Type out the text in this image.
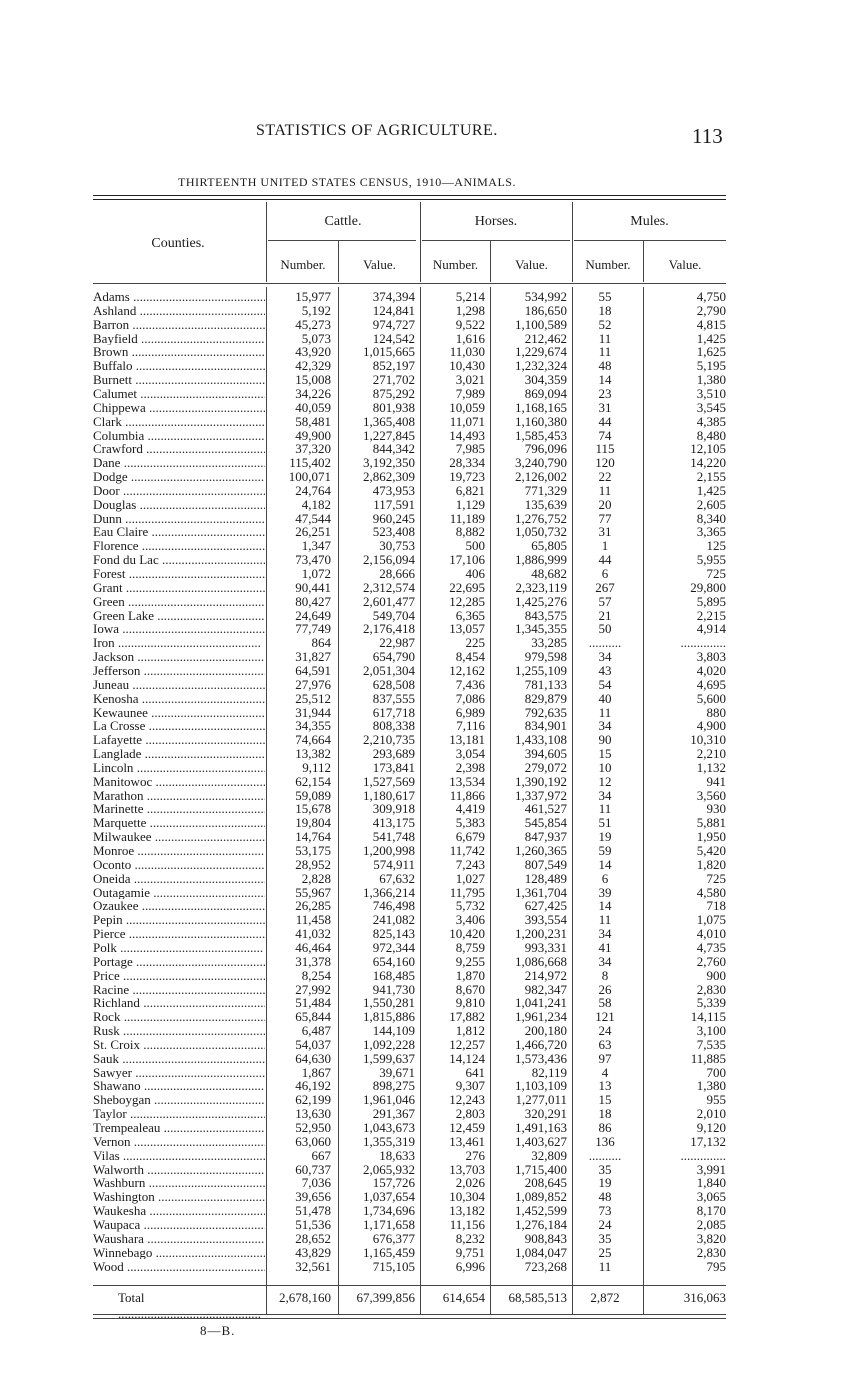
STATISTICS OF AGRICULTURE.	113
THIRTEENTH UNITED STATES CENSUS, 1910—ANIMALS.
Counties.
Cattle.	Horses.	Mules.
Number.	Value.	Number.	Value.	Number.	Value.
Adams .....	15,977	374,394	5,214	534,992	55	4,750
Ashland .....	5,192	124,841	1,298	186,650	18	2,790
Barron .....	45,273	974,727	9,522	1,100,589	52	4,815
Bayfield .....	5,073	124,542	1,616	212,462	11	1,425
Brown .....	43,920	1,015,665	11,030	1,229,674	11	1,625
Buffalo .....	42,329	852,197	10,430	1,232,324	48	5,195
Burnett .....	15,008	271,702	3,021	304,359	14	1,380
Calumet .....	34,226	875,292	7,989	869,094	23	3,510
Chippewa .....	40,059	801,938	10,059	1,168,165	31	3,545
Clark .....	58,481	1,365,408	11,071	1,160,380	44	4,385
Columbia .....	49,900	1,227,845	14,493	1,585,453	74	8,480
Crawford .....	37,320	844,342	7,985	796,096	115	12,105
Dane .....	115,402	3,192,350	28,334	3,240,790	120	14,220
Dodge .....	100,071	2,862,309	19,723	2,126,002	22	2,155
Door .....	24,764	473,953	6,821	771,329	11	1,425
Douglas .....	4,182	117,591	1,129	135,639	20	2,605
Dunn .....	47,544	960,245	11,189	1,276,752	77	8,340
Eau Claire .....	26,251	523,408	8,882	1,050,732	31	3,365
Florence .....	1,347	30,753	500	65,805	1	125
Fond du Lac .....	73,470	2,156,094	17,106	1,886,999	44	5,955
Forest .....	1,072	28,666	406	48,682	6	725
Grant .....	90,441	2,312,574	22,695	2,323,119	267	29,800
Green .....	80,427	2,601,477	12,285	1,425,276	57	5,895
Green Lake .....	24,649	549,704	6,365	843,575	21	2,215
Iowa .....	77,749	2,176,418	13,057	1,345,355	50	4,914
Iron .....	864	22,987	225	33,285	..........	..............
Jackson .....	31,827	654,790	8,454	979,598	34	3,803
Jefferson .....	64,591	2,051,304	12,162	1,255,109	43	4,020
Juneau .....	27,976	628,508	7,436	781,133	54	4,695
Kenosha .....	25,512	837,555	7,086	829,879	40	5,600
Kewaunee .....	31,944	617,718	6,989	792,635	11	880
La Crosse .....	34,355	808,338	7,116	834,901	34	4,900
Lafayette .....	74,664	2,210,735	13,181	1,433,108	90	10,310
Langlade .....	13,382	293,689	3,054	394,605	15	2,210
Lincoln .....	9,112	173,841	2,398	279,072	10	1,132
Manitowoc .....	62,154	1,527,569	13,534	1,390,192	12	941
Marathon .....	59,089	1,180,617	11,866	1,337,972	34	3,560
Marinette .....	15,678	309,918	4,419	461,527	11	930
Marquette .....	19,804	413,175	5,383	545,854	51	5,881
Milwaukee .....	14,764	541,748	6,679	847,937	19	1,950
Monroe .....	53,175	1,200,998	11,742	1,260,365	59	5,420
Oconto .....	28,952	574,911	7,243	807,549	14	1,820
Oneida .....	2,828	67,632	1,027	128,489	6	725
Outagamie .....	55,967	1,366,214	11,795	1,361,704	39	4,580
Ozaukee .....	26,285	746,498	5,732	627,425	14	718
Pepin .....	11,458	241,082	3,406	393,554	11	1,075
Pierce .....	41,032	825,143	10,420	1,200,231	34	4,010
Polk .....	46,464	972,344	8,759	993,331	41	4,735
Portage .....	31,378	654,160	9,255	1,086,668	34	2,760
Price .....	8,254	168,485	1,870	214,972	8	900
Racine .....	27,992	941,730	8,670	982,347	26	2,830
Richland .....	51,484	1,550,281	9,810	1,041,241	58	5,339
Rock .....	65,844	1,815,886	17,882	1,961,234	121	14,115
Rusk .....	6,487	144,109	1,812	200,180	24	3,100
St. Croix .....	54,037	1,092,228	12,257	1,466,720	63	7,535
Sauk .....	64,630	1,599,637	14,124	1,573,436	97	11,885
Sawyer .....	1,867	39,671	641	82,119	4	700
Shawano .....	46,192	898,275	9,307	1,103,109	13	1,380
Sheboygan .....	62,199	1,961,046	12,243	1,277,011	15	955
Taylor .....	13,630	291,367	2,803	320,291	18	2,010
Trempealeau .....	52,950	1,043,673	12,459	1,491,163	86	9,120
Vernon .....	63,060	1,355,319	13,461	1,403,627	136	17,132
Vilas .....	667	18,633	276	32,809	..........	..............
Walworth .....	60,737	2,065,932	13,703	1,715,400	35	3,991
Washburn .....	7,036	157,726	2,026	208,645	19	1,840
Washington .....	39,656	1,037,654	10,304	1,089,852	48	3,065
Waukesha .....	51,478	1,734,696	13,182	1,452,599	73	8,170
Waupaca .....	51,536	1,171,658	11,156	1,276,184	24	2,085
Waushara .....	28,652	676,377	8,232	908,843	35	3,820
Winnebago .....	43,829	1,165,459	9,751	1,084,047	25	2,830
Wood .....	32,561	715,105	6,996	723,268	11	795
Total .....	2,678,160	67,399,856	614,654	68,585,513	2,872	316,063
8—B.
